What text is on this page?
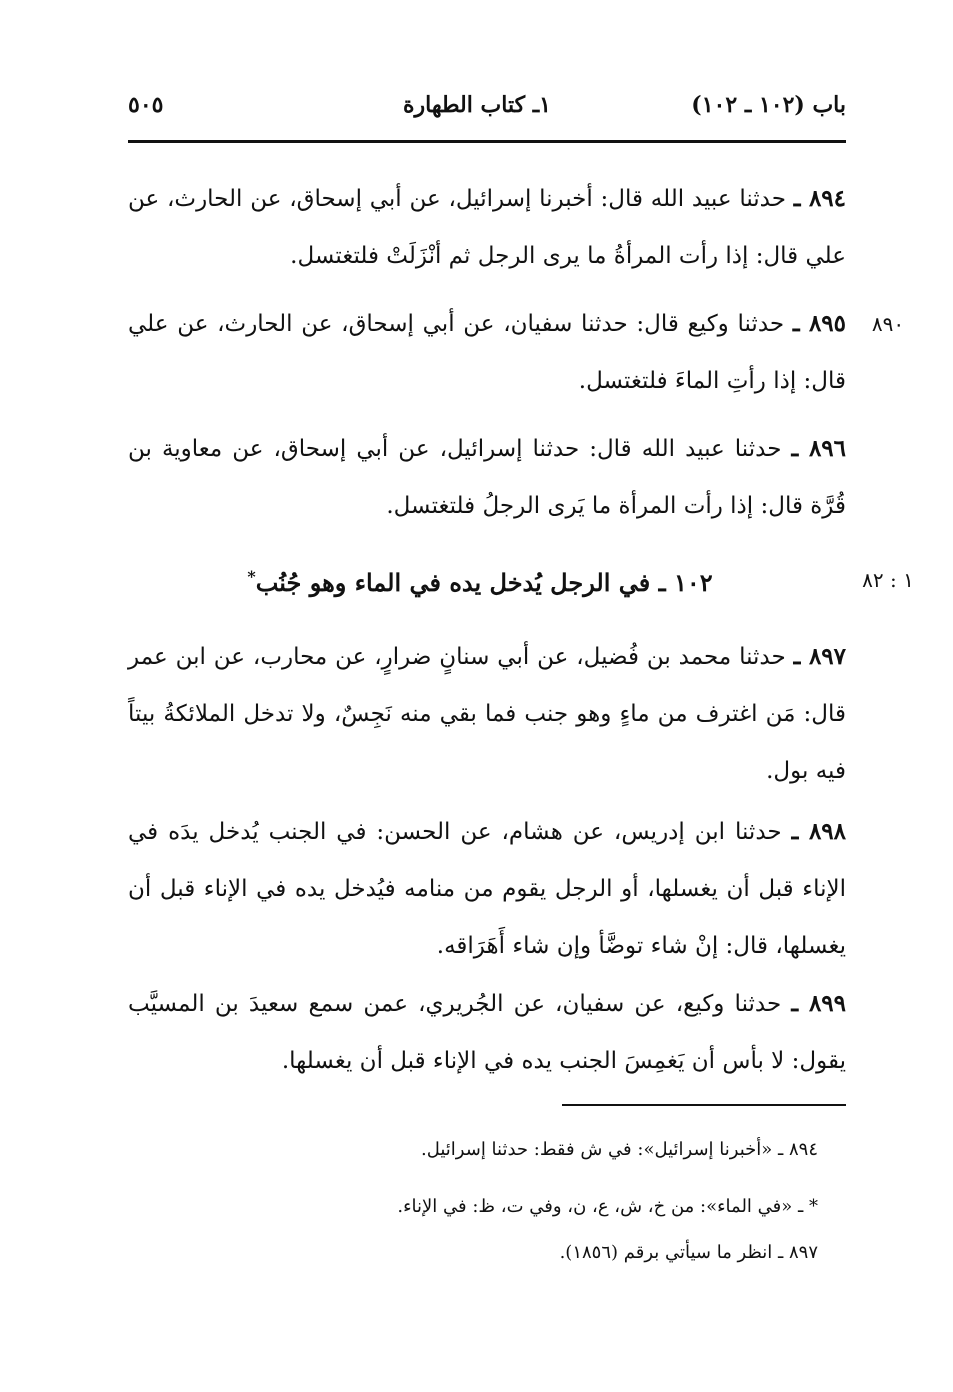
باب (١٠٢ ـ ١٠٢)
١ـ كتاب الطهارة
٥٠٥

٨٩٤ ـ حدثنا عبيد الله قال: أخبرنا إسرائيل، عن أبي إسحاق، عن الحارث، عن علي قال: إذا رأت المرأةُ ما يرى الرجل ثم أنْزَلَتْ فلتغتسل.

٨٩٠

٨٩٥ ـ حدثنا وكيع قال: حدثنا سفيان، عن أبي إسحاق، عن الحارث، عن علي قال: إذا رأتِ الماءَ فلتغتسل.

٨٩٦ ـ حدثنا عبيد الله قال: حدثنا إسرائيل، عن أبي إسحاق، عن معاوية بن قُرَّة قال: إذا رأت المرأة ما يَرى الرجلُ فلتغتسل.

١ : ٨٢
١٠٢ ـ في الرجل يُدخل يده في الماء وهو جُنُب*

٨٩٧ ـ حدثنا محمد بن فُضيل، عن أبي سنانٍ ضرارٍ، عن محارب، عن ابن عمر قال: مَن اغترف من ماءٍ وهو جنب فما بقي منه نَجِسٌ، ولا تدخل الملائكةُ بيتاً فيه بول.

٨٩٨ ـ حدثنا ابن إدريس، عن هشام، عن الحسن: في الجنب يُدخل يدَه في الإناء قبل أن يغسلها، أو الرجل يقوم من منامه فيُدخل يده في الإناء قبل أن يغسلها، قال: إنْ شاء توضَّأ وإن شاء أَهَرَاقه.

٨٩٩ ـ حدثنا وكيع، عن سفيان، عن الجُريري، عمن سمع سعيدَ بن المسيَّب يقول: لا بأس أن يَغمِسَ الجنب يده في الإناء قبل أن يغسلها.

٨٩٤ ـ «أخبرنا إسرائيل»: في ش فقط: حدثنا إسرائيل.
* ـ «في الماء»: من خ، ش، ع، ن، وفي ت، ظ: في الإناء.
٨٩٧ ـ انظر ما سيأتي برقم (١٨٥٦).
